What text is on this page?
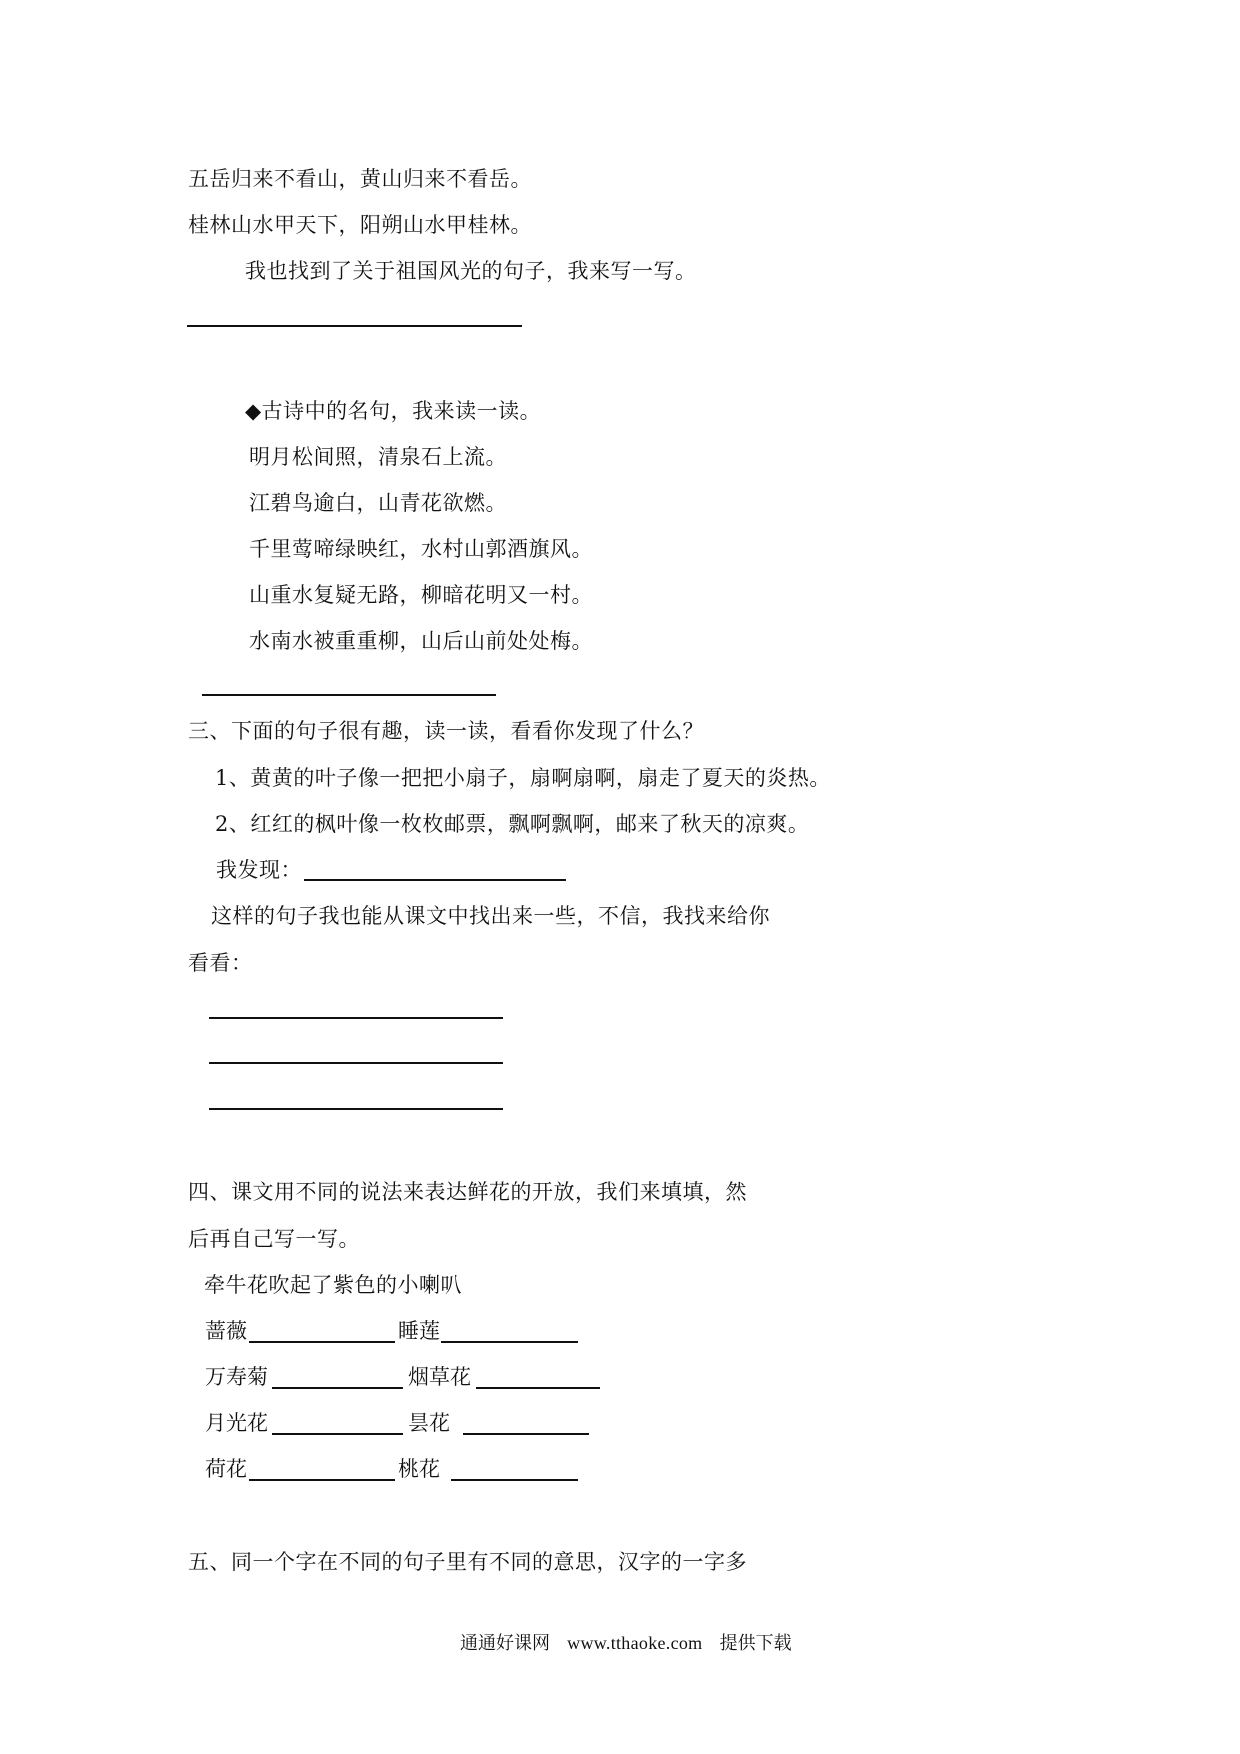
五岳归来不看山，黄山归来不看岳。
桂林山水甲天下，阳朔山水甲桂林。
我也找到了关于祖国风光的句子，我来写一写。
◆古诗中的名句，我来读一读。
明月松间照，清泉石上流。
江碧鸟逾白，山青花欲燃。
千里莺啼绿映红，水村山郭酒旗风。
山重水复疑无路，柳暗花明又一村。
水南水被重重柳，山后山前处处梅。
三、下面的句子很有趣，读一读，看看你发现了什么？
1、黄黄的叶子像一把把小扇子，扇啊扇啊，扇走了夏天的炎热。
2、红红的枫叶像一枚枚邮票，飘啊飘啊，邮来了秋天的凉爽。
我发现：
这样的句子我也能从课文中找出来一些，不信，我找来给你
看看：
四、课文用不同的说法来表达鲜花的开放，我们来填填，然
后再自己写一写。
牵牛花吹起了紫色的小喇叭
蔷薇	睡莲
万寿菊	烟草花
月光花	昙花
荷花	桃花
五、同一个字在不同的句子里有不同的意思，汉字的一字多
通通好课网 www.tthaoke.com 提供下载
